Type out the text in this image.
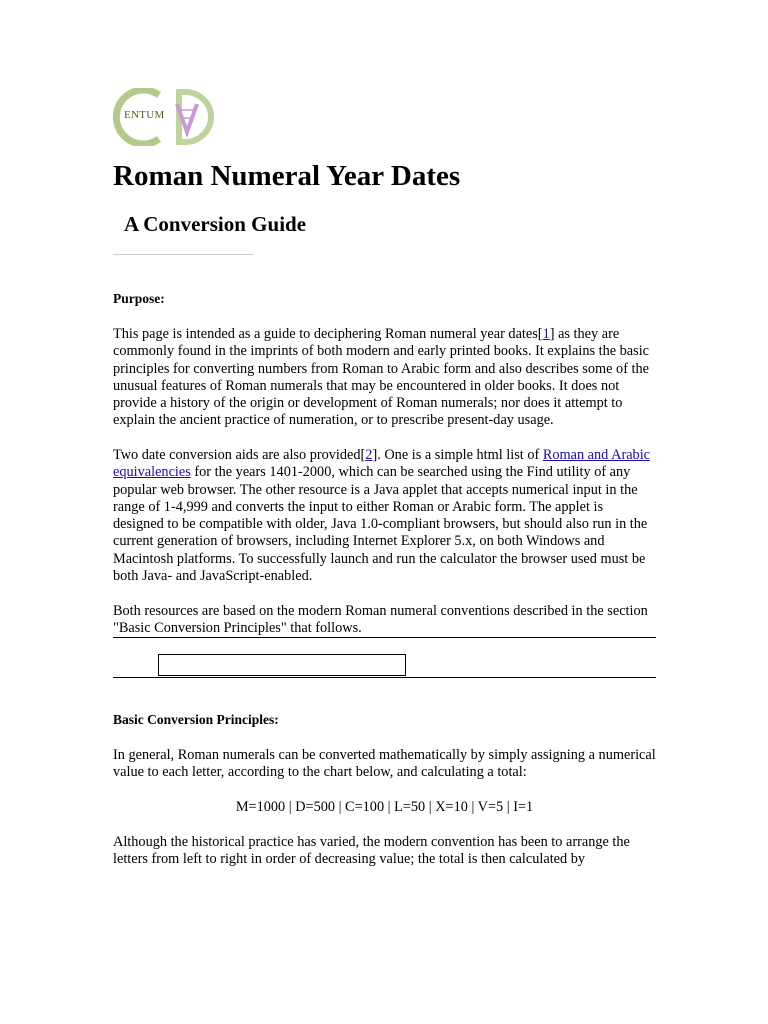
ENTUM
Roman Numeral Year Dates
A Conversion Guide
Purpose:

This page is intended as a guide to deciphering Roman numeral year dates[1] as they are commonly found in the imprints of both modern and early printed books. It explains the basic principles for converting numbers from Roman to Arabic form and also describes some of the unusual features of Roman numerals that may be encountered in older books. It does not provide a history of the origin or development of Roman numerals; nor does it attempt to explain the ancient practice of numeration, or to prescribe present-day usage.

Two date conversion aids are also provided[2]. One is a simple html list of Roman and Arabic equivalencies for the years 1401-2000, which can be searched using the Find utility of any popular web browser. The other resource is a Java applet that accepts numerical input in the range of 1-4,999 and converts the input to either Roman or Arabic form. The applet is designed to be compatible with older, Java 1.0-compliant browsers, but should also run in the current generation of browsers, including Internet Explorer 5.x, on both Windows and Macintosh platforms. To successfully launch and run the calculator the browser used must be both Java- and JavaScript-enabled.

Both resources are based on the modern Roman numeral conventions described in the section "Basic Conversion Principles" that follows.

Basic Conversion Principles:

In general, Roman numerals can be converted mathematically by simply assigning a numerical value to each letter, according to the chart below, and calculating a total:

M=1000 | D=500 | C=100 | L=50 | X=10 | V=5 | I=1

Although the historical practice has varied, the modern convention has been to arrange the letters from left to right in order of decreasing value; the total is then calculated by
